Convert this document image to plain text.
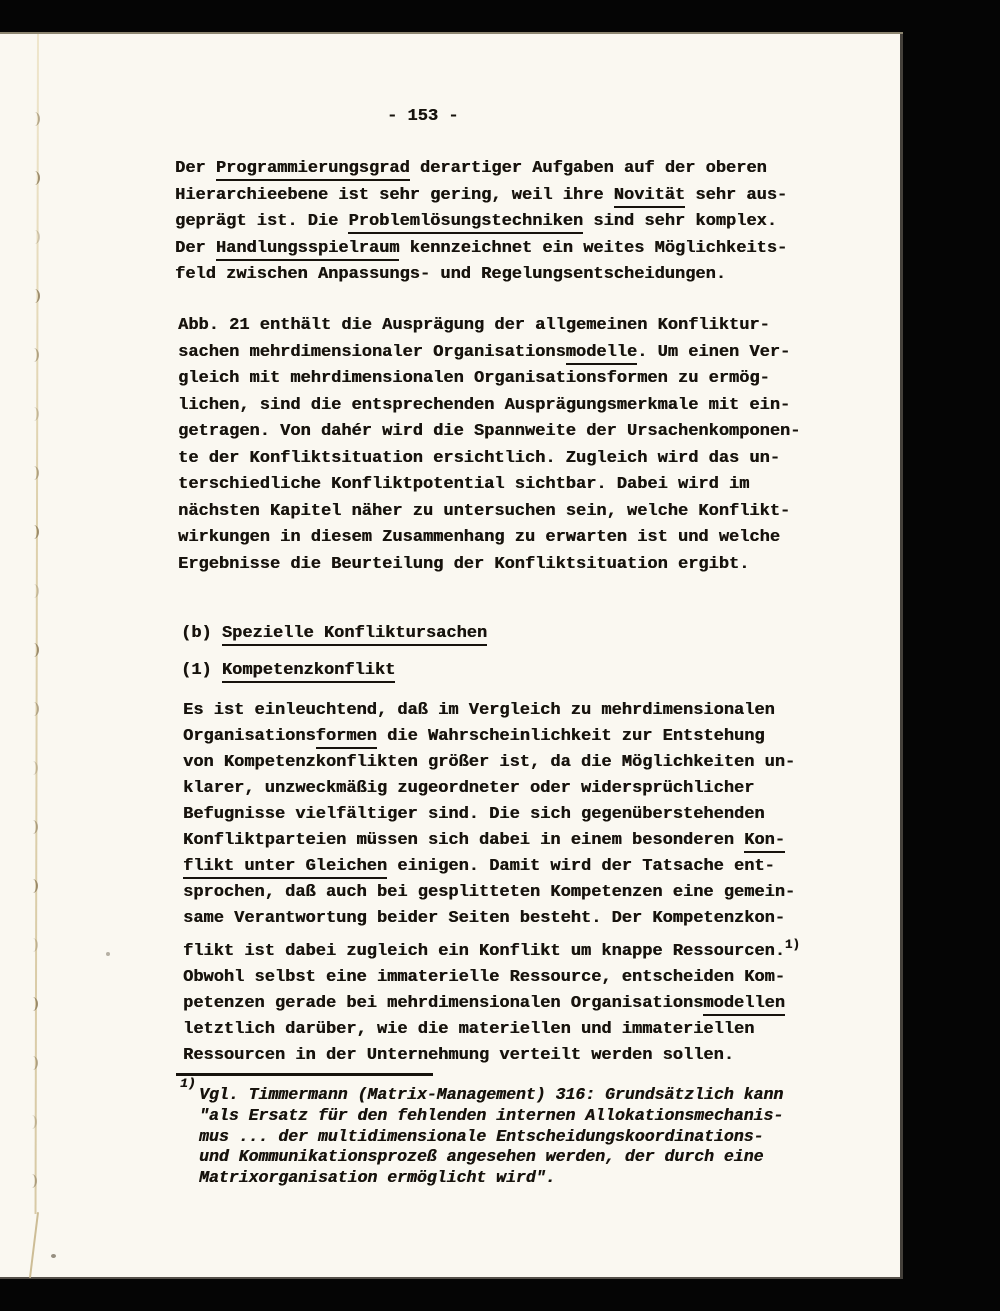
- 153 -
Der Programmierungsgrad derartiger Aufgaben auf der oberen
Hierarchieebene ist sehr gering, weil ihre Novität sehr aus-
geprägt ist. Die Problemlösungstechniken sind sehr komplex.
Der Handlungsspielraum kennzeichnet ein weites Möglichkeits-
feld zwischen Anpassungs- und Regelungsentscheidungen.
Abb. 21 enthält die Ausprägung der allgemeinen Konfliktur-
sachen mehrdimensionaler Organisationsmodelle. Um einen Ver-
gleich mit mehrdimensionalen Organisationsformen zu ermög-
lichen, sind die entsprechenden Ausprägungsmerkmale mit ein-
getragen. Von dahér wird die Spannweite der Ursachenkomponen-
te der Konfliktsituation ersichtlich. Zugleich wird das un-
terschiedliche Konfliktpotential sichtbar. Dabei wird im
nächsten Kapitel näher zu untersuchen sein, welche Konflikt-
wirkungen in diesem Zusammenhang zu erwarten ist und welche
Ergebnisse die Beurteilung der Konfliktsituation ergibt.
(b) Spezielle Konfliktursachen
(1) Kompetenzkonflikt
Es ist einleuchtend, daß im Vergleich zu mehrdimensionalen
Organisationsformen die Wahrscheinlichkeit zur Entstehung
von Kompetenzkonflikten größer ist, da die Möglichkeiten un-
klarer, unzweckmäßig zugeordneter oder widersprüchlicher
Befugnisse vielfältiger sind. Die sich gegenüberstehenden
Konfliktparteien müssen sich dabei in einem besonderen Kon-
flikt unter Gleichen einigen. Damit wird der Tatsache ent-
sprochen, daß auch bei gesplitteten Kompetenzen eine gemein-
same Verantwortung beider Seiten besteht. Der Kompetenzkon-
flikt ist dabei zugleich ein Konflikt um knappe Ressourcen.$^{1)}$
Obwohl selbst eine immaterielle Ressource, entscheiden Kom-
petenzen gerade bei mehrdimensionalen Organisationsmodellen
letztlich darüber, wie die materiellen und immateriellen
Ressourcen in der Unternehmung verteilt werden sollen.
1)
Vgl. Timmermann (Matrix-Management) 316: Grundsätzlich kann
"als Ersatz für den fehlenden internen Allokationsmechanis-
mus ... der multidimensionale Entscheidungskoordinations-
und Kommunikationsprozeß angesehen werden, der durch eine
Matrixorganisation ermöglicht wird".
